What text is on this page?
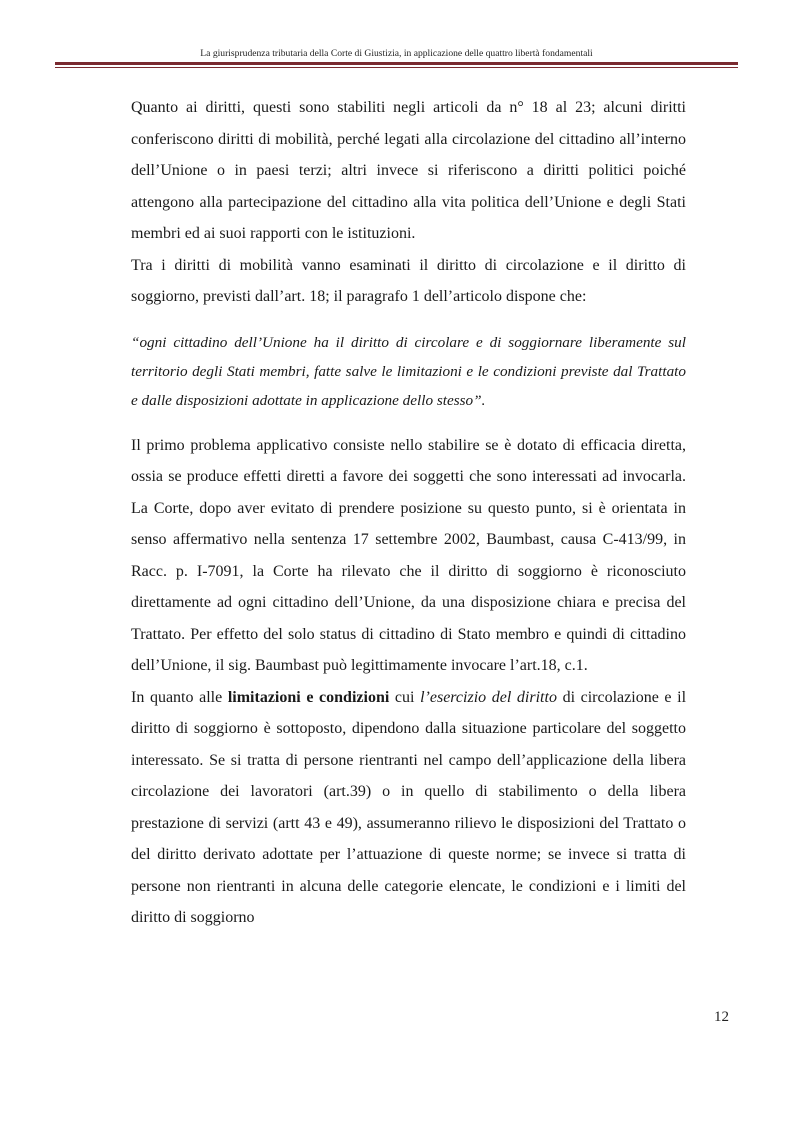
La giurisprudenza tributaria della Corte di Giustizia, in applicazione delle quattro libertà fondamentali

Quanto ai diritti, questi sono stabiliti negli articoli da n° 18 al 23; alcuni diritti conferiscono diritti di mobilità, perché legati alla circolazione del cittadino all’interno dell’Unione o in paesi terzi; altri invece si riferiscono a diritti politici poiché attengono alla partecipazione del cittadino alla vita politica dell’Unione e degli Stati membri ed ai suoi rapporti con le istituzioni.

Tra i diritti di mobilità vanno esaminati il diritto di circolazione e il diritto di soggiorno, previsti dall’art. 18; il paragrafo 1 dell’articolo dispone che:

“ogni cittadino dell’Unione ha il diritto di circolare e di soggiornare liberamente sul territorio degli Stati membri, fatte salve le limitazioni e le condizioni previste dal Trattato e dalle disposizioni adottate in applicazione dello stesso”.

Il primo problema applicativo consiste nello stabilire se è dotato di efficacia diretta, ossia se produce effetti diretti a favore dei soggetti che sono interessati ad invocarla. La Corte, dopo aver evitato di prendere posizione su questo punto, si è orientata in senso affermativo nella sentenza 17 settembre 2002, Baumbast, causa C-413/99, in Racc. p. I-7091, la Corte ha rilevato che il diritto di soggiorno è riconosciuto direttamente ad ogni cittadino dell’Unione, da una disposizione chiara e precisa del Trattato. Per effetto del solo status di cittadino di Stato membro e quindi di cittadino dell’Unione, il sig. Baumbast può legittimamente invocare l’art.18, c.1.

In quanto alle limitazioni e condizioni cui l’esercizio del diritto di circolazione e il diritto di soggiorno è sottoposto, dipendono dalla situazione particolare del soggetto interessato. Se si tratta di persone rientranti nel campo dell’applicazione della libera circolazione dei lavoratori (art.39) o in quello di stabilimento o della libera prestazione di servizi (artt 43 e 49), assumeranno rilievo le disposizioni del Trattato o del diritto derivato adottate per l’attuazione di queste norme; se invece si tratta di persone non rientranti in alcuna delle categorie elencate, le condizioni e i limiti del diritto di soggiorno

12
